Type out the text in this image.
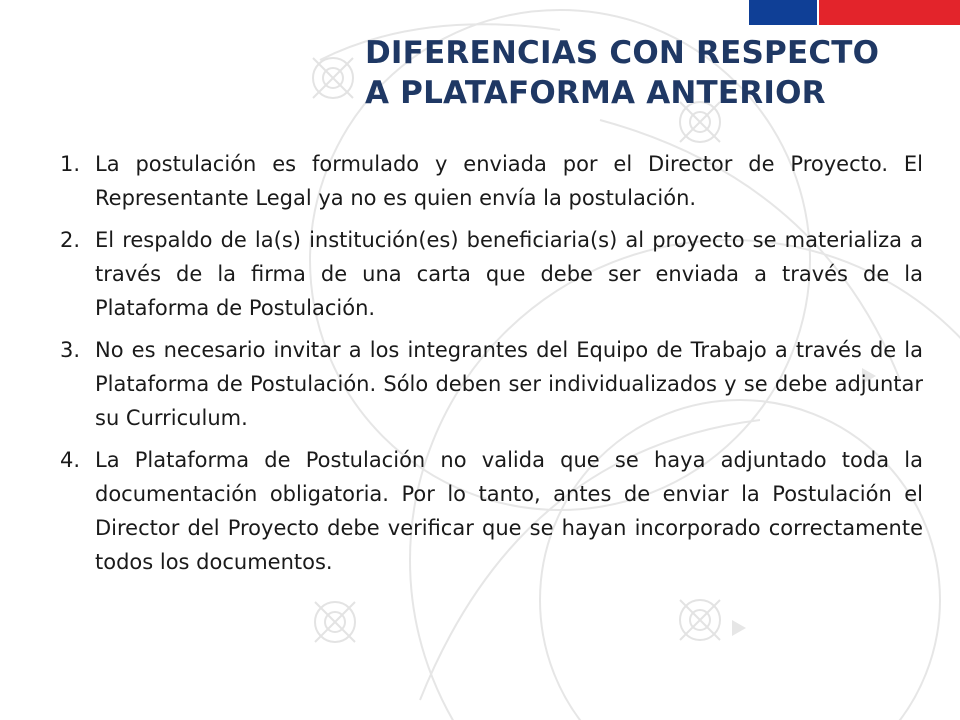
DIFERENCIAS CON RESPECTO
A PLATAFORMA ANTERIOR
1. La postulación es formulado y enviada por el Director de Proyecto. El Representante Legal ya no es quien envía la postulación.
2. El respaldo de la(s) institución(es) beneficiaria(s) al proyecto se materializa a través de la firma de una carta que debe ser enviada a través de la Plataforma de Postulación.
3. No es necesario invitar a los integrantes del Equipo de Trabajo a través de la Plataforma de Postulación. Sólo deben ser individualizados y se debe adjuntar su Curriculum.
4. La Plataforma de Postulación no valida que se haya adjuntado toda la documentación obligatoria. Por lo tanto, antes de enviar la Postulación el Director del Proyecto debe verificar que se hayan incorporado correctamente todos los documentos.
